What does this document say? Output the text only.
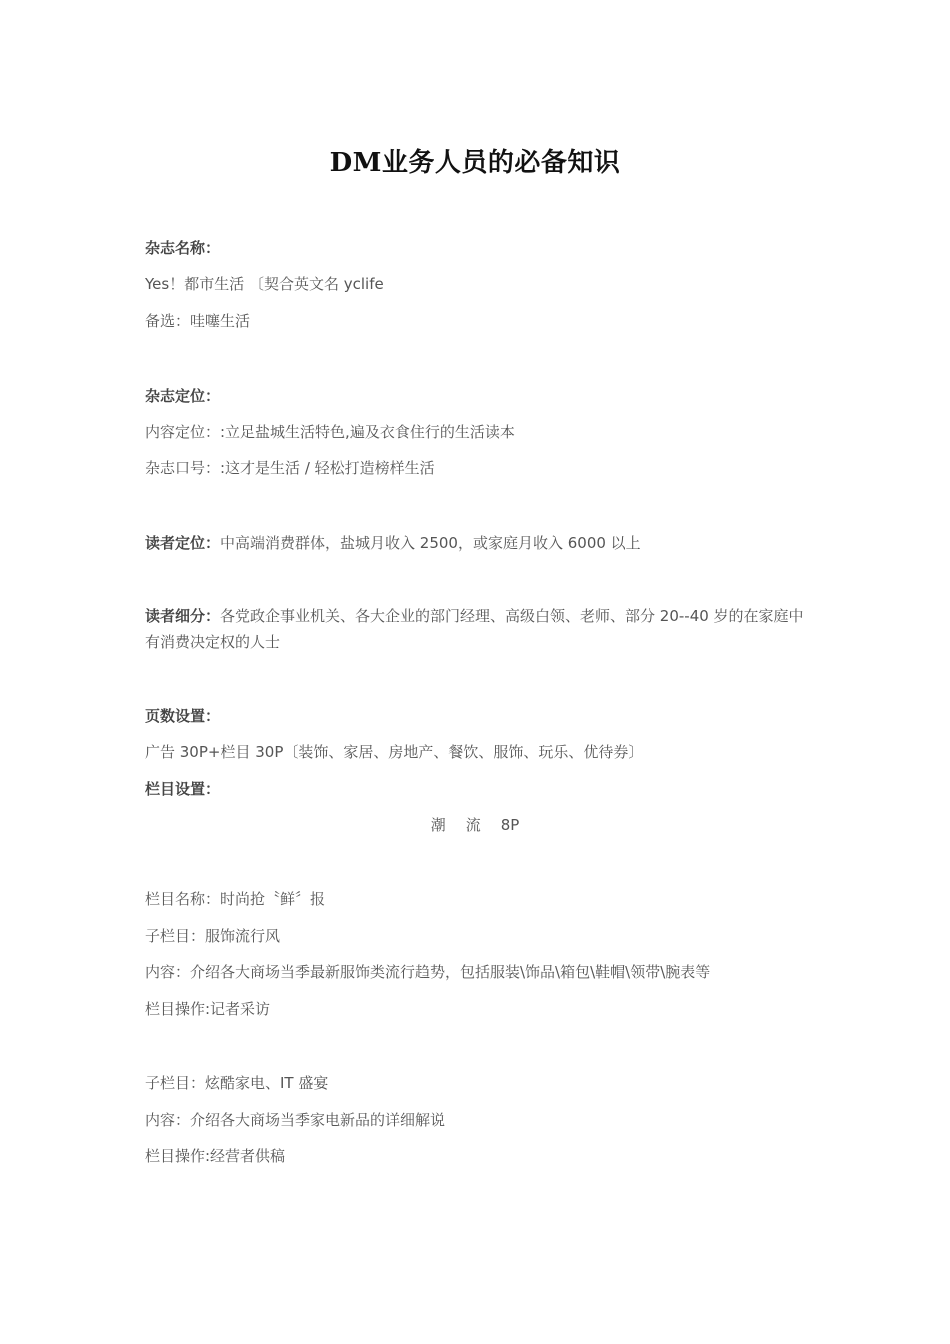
DM业务人员的必备知识
杂志名称：
Yes！都市生活 〔契合英文名 yclife
备选：哇噻生活
杂志定位：
内容定位：:立足盐城生活特色,遍及衣食住行的生活读本
杂志口号：:这才是生活 / 轻松打造榜样生活
读者定位：中高端消费群体，盐城月收入 2500，或家庭月收入 6000 以上
读者细分：各党政企事业机关、各大企业的部门经理、高级白领、老师、部分 20--40 岁的在家庭中有消费决定权的人士
页数设置：
广告 30P+栏目 30P〔装饰、家居、房地产、餐饮、服饰、玩乐、优待券〕
栏目设置：
潮 流 8P
栏目名称：时尚抢〝鲜〞报
子栏目：服饰流行风
内容：介绍各大商场当季最新服饰类流行趋势，包括服装\饰品\箱包\鞋帽\领带\腕表等
栏目操作:记者采访
子栏目：炫酷家电、IT 盛宴
内容：介绍各大商场当季家电新品的详细解说
栏目操作:经营者供稿
